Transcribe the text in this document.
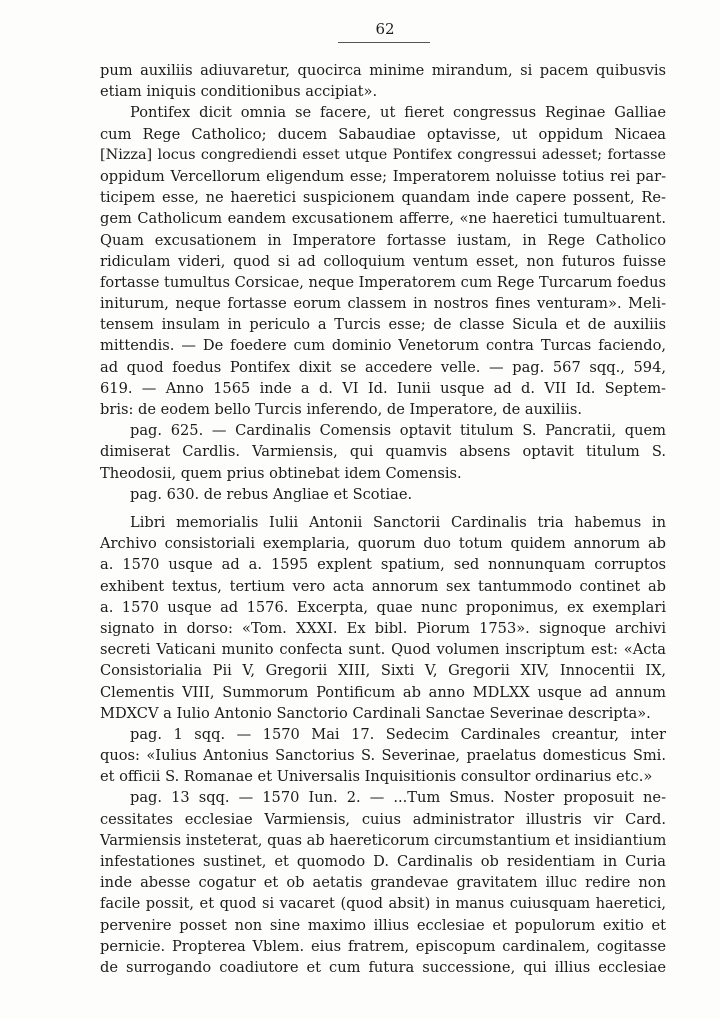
62
pum auxiliis adiuvaretur, quocirca minime mirandum, si pacem quibusvis
etiam iniquis conditionibus accipiat».
Pontifex dicit omnia se facere, ut fieret congressus Reginae Galliae
cum Rege Catholico; ducem Sabaudiae optavisse, ut oppidum Nicaea
[Nizza] locus congrediendi esset utque Pontifex congressui adesset; fortasse
oppidum Vercellorum eligendum esse; Imperatorem noluisse totius rei par-
ticipem esse, ne haeretici suspicionem quandam inde capere possent, Re-
gem Catholicum eandem excusationem afferre, «ne haeretici tumultuarent.
Quam excusationem in Imperatore fortasse iustam, in Rege Catholico
ridiculam videri, quod si ad colloquium ventum esset, non futuros fuisse
fortasse tumultus Corsicae, neque Imperatorem cum Rege Turcarum foedus
initurum, neque fortasse eorum classem in nostros fines venturam». Meli-
tensem insulam in periculo a Turcis esse; de classe Sicula et de auxiliis
mittendis. — De foedere cum dominio Venetorum contra Turcas faciendo,
ad quod foedus Pontifex dixit se accedere velle. — pag. 567 sqq., 594,
619. — Anno 1565 inde a d. VI Id. Iunii usque ad d. VII Id. Septem-
bris: de eodem bello Turcis inferendo, de Imperatore, de auxiliis.
pag. 625. — Cardinalis Comensis optavit titulum S. Pancratii, quem
dimiserat Cardlis. Varmiensis, qui quamvis absens optavit titulum S.
Theodosii, quem prius obtinebat idem Comensis.
pag. 630. de rebus Angliae et Scotiae.
Libri memorialis Iulii Antonii Sanctorii Cardinalis tria habemus in
Archivo consistoriali exemplaria, quorum duo totum quidem annorum ab
a. 1570 usque ad a. 1595 explent spatium, sed nonnunquam corruptos
exhibent textus, tertium vero acta annorum sex tantummodo continet ab
a. 1570 usque ad 1576. Excerpta, quae nunc proponimus, ex exemplari
signato in dorso: «Tom. XXXI. Ex bibl. Piorum 1753». signoque archivi
secreti Vaticani munito confecta sunt. Quod volumen inscriptum est: «Acta
Consistorialia Pii V, Gregorii XIII, Sixti V, Gregorii XIV, Innocentii IX,
Clementis VIII, Summorum Pontificum ab anno MDLXX usque ad annum
MDXCV a Iulio Antonio Sanctorio Cardinali Sanctae Severinae descripta».
pag. 1 sqq. — 1570 Mai 17. Sedecim Cardinales creantur, inter
quos: «Iulius Antonius Sanctorius S. Severinae, praelatus domesticus Smi.
et officii S. Romanae et Universalis Inquisitionis consultor ordinarius etc.»
pag. 13 sqq. — 1570 Iun. 2. — ...Tum Smus. Noster proposuit ne-
cessitates ecclesiae Varmiensis, cuius administrator illustris vir Card.
Varmiensis insteterat, quas ab haereticorum circumstantium et insidiantium
infestationes sustinet, et quomodo D. Cardinalis ob residentiam in Curia
inde abesse cogatur et ob aetatis grandevae gravitatem illuc redire non
facile possit, et quod si vacaret (quod absit) in manus cuiusquam haeretici,
pervenire posset non sine maximo illius ecclesiae et populorum exitio et
pernicie. Propterea Vblem. eius fratrem, episcopum cardinalem, cogitasse
de surrogando coadiutore et cum futura successione, qui illius ecclesiae
